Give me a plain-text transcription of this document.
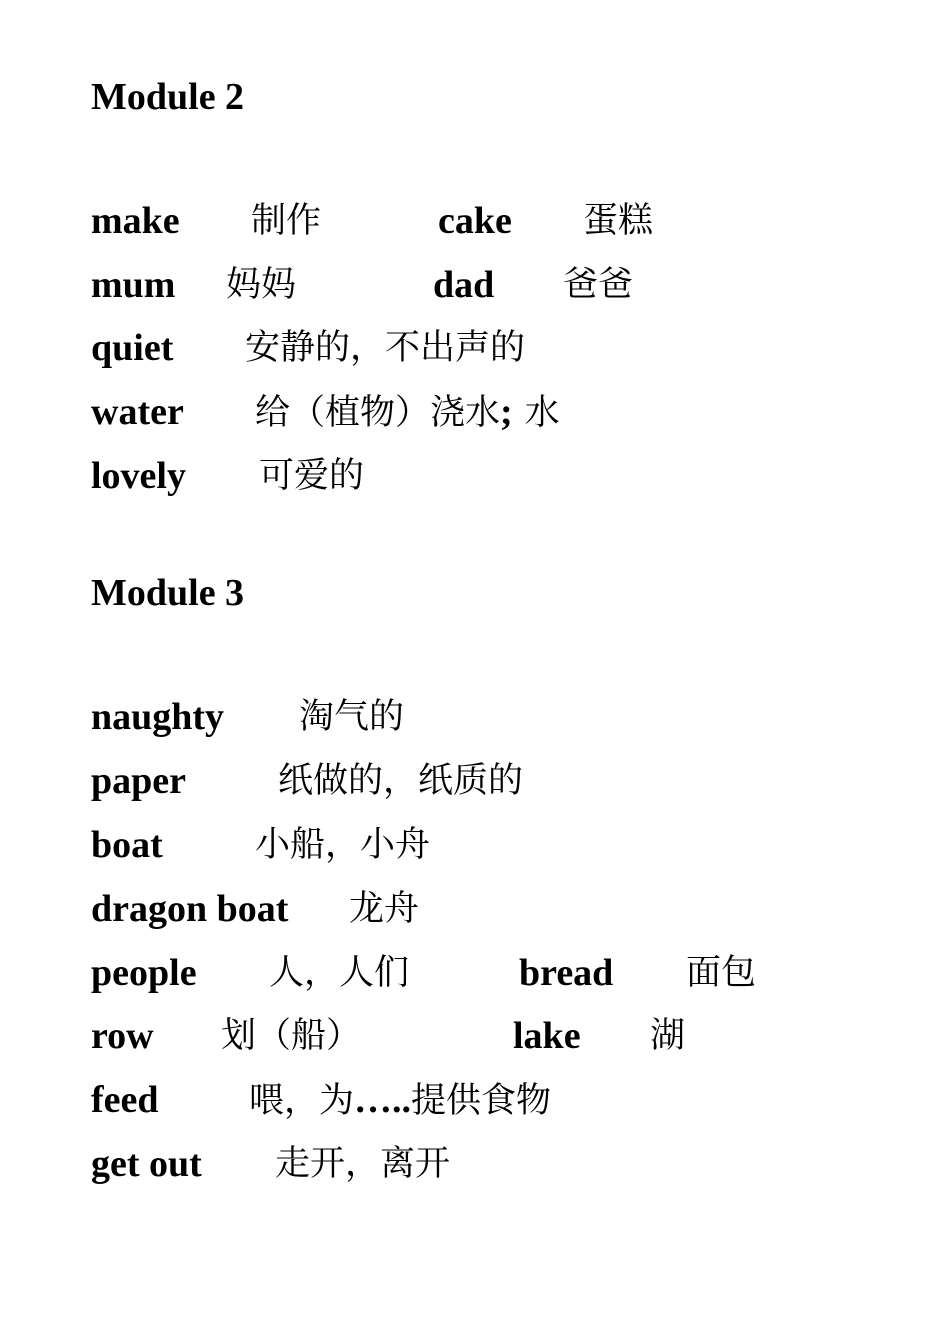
Module 2
make 制作	cake 蛋糕
mum 妈妈	dad 爸爸
quiet 安静的，不出声的
water 给（植物）浇水; 水
lovely 可爱的
Module 3
naughty 淘气的
paper	纸做的，纸质的
boat	小船，小舟
dragon boat 龙舟
people 人，人们	bread 面包
row 划（船）	lake 湖
feed	喂，为…..提供食物
get out 走开，离开
